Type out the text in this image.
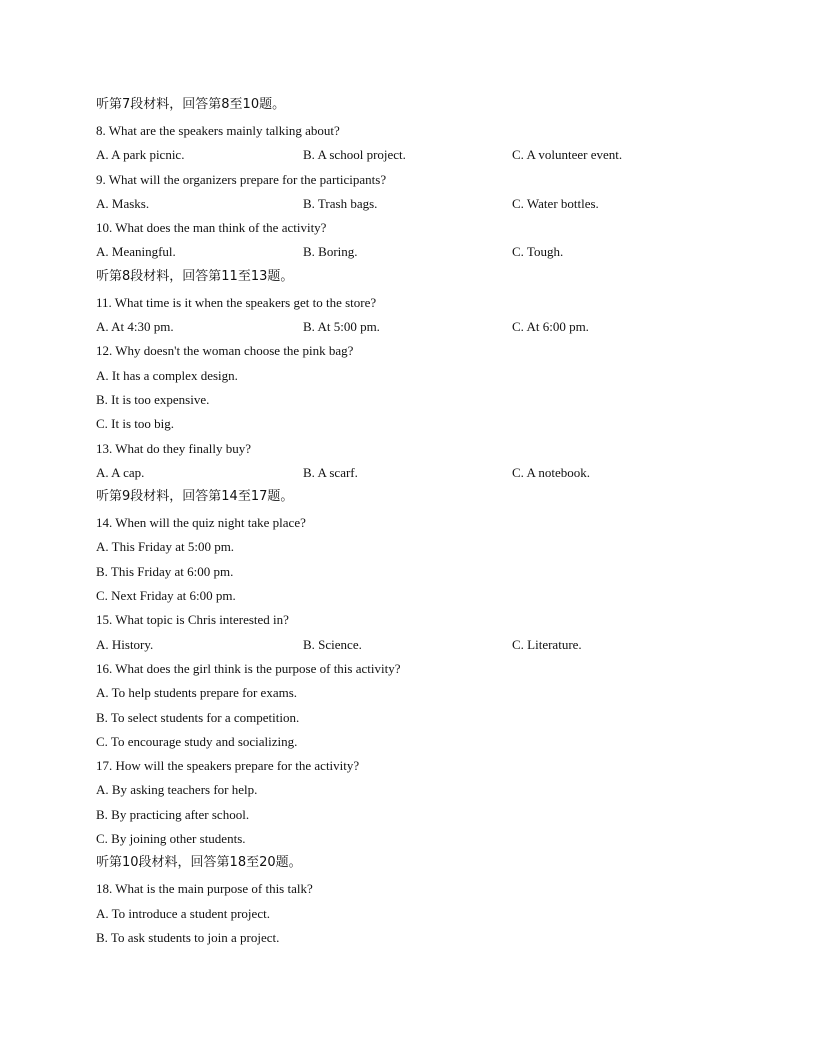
听第7段材料，回答第8至10题。
8. What are the speakers mainly talking about?
A. A park picnic.	B. A school project.	C. A volunteer event.
9. What will the organizers prepare for the participants?
A. Masks.	B. Trash bags.	C. Water bottles.
10. What does the man think of the activity?
A. Meaningful.	B. Boring.	C. Tough.
听第8段材料，回答第11至13题。
11. What time is it when the speakers get to the store?
A. At 4:30 pm.	B. At 5:00 pm.	C. At 6:00 pm.
12. Why doesn't the woman choose the pink bag?
A. It has a complex design.
B. It is too expensive.
C. It is too big.
13. What do they finally buy?
A. A cap.	B. A scarf.	C. A notebook.
听第9段材料，回答第14至17题。
14. When will the quiz night take place?
A. This Friday at 5:00 pm.
B. This Friday at 6:00 pm.
C. Next Friday at 6:00 pm.
15. What topic is Chris interested in?
A. History.	B. Science.	C. Literature.
16. What does the girl think is the purpose of this activity?
A. To help students prepare for exams.
B. To select students for a competition.
C. To encourage study and socializing.
17. How will the speakers prepare for the activity?
A. By asking teachers for help.
B. By practicing after school.
C. By joining other students.
听第10段材料，回答第18至20题。
18. What is the main purpose of this talk?
A. To introduce a student project.
B. To ask students to join a project.
